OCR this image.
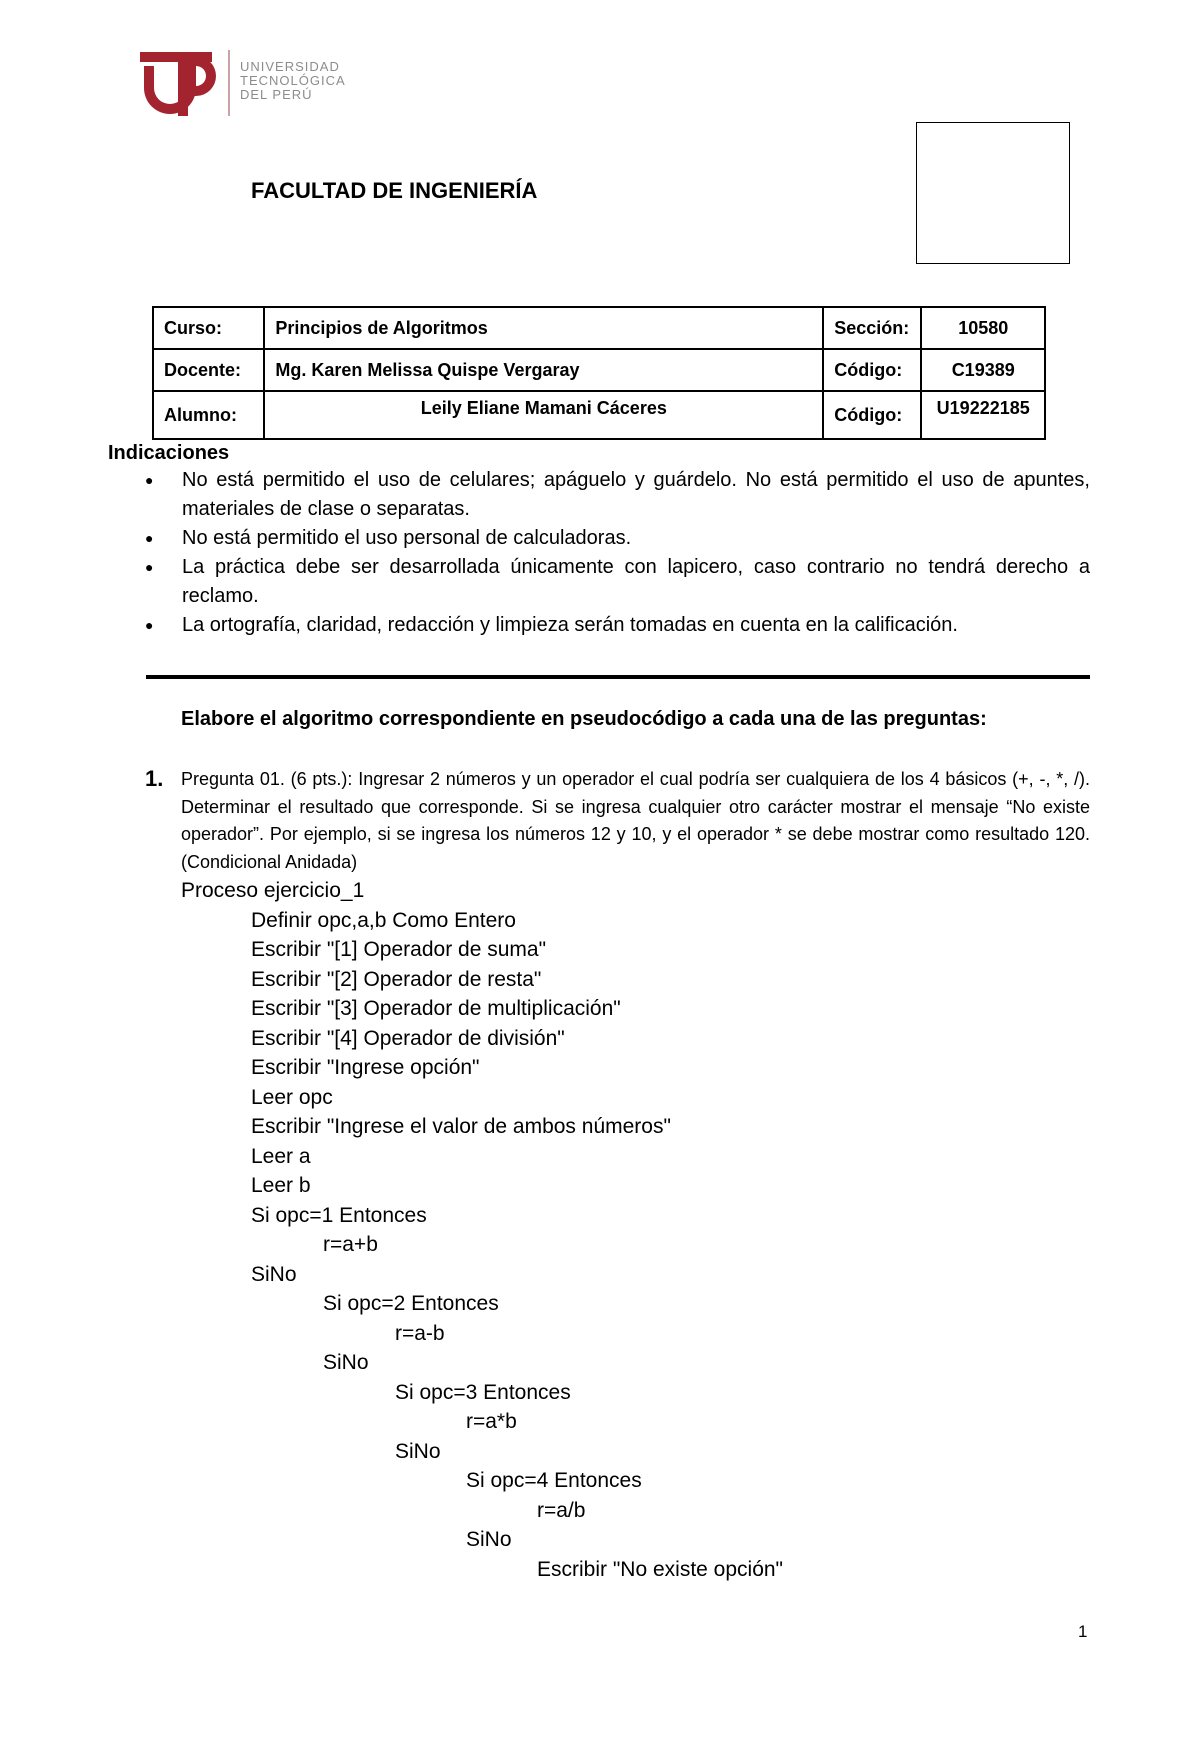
UNIVERSIDAD
TECNOLÓGICA
DEL PERÚ
FACULTAD DE INGENIERÍA
Curso:	Principios de Algoritmos	Sección:	10580
Docente:	Mg. Karen Melissa Quispe Vergaray	Código:	C19389
Alumno:	Leily Eliane Mamani Cáceres	Código:	U19222185
Indicaciones
● No está permitido el uso de celulares; apáguelo y guárdelo. No está permitido el uso de apuntes, materiales de clase o separatas.
● No está permitido el uso personal de calculadoras.
● La práctica debe ser desarrollada únicamente con lapicero, caso contrario no tendrá derecho a reclamo.
● La ortografía, claridad, redacción y limpieza serán tomadas en cuenta en la calificación.
Elabore el algoritmo correspondiente en pseudocódigo a cada una de las preguntas:
1. Pregunta 01. (6 pts.): Ingresar 2 números y un operador el cual podría ser cualquiera de los 4 básicos (+, -, *, /). Determinar el resultado que corresponde. Si se ingresa cualquier otro carácter mostrar el mensaje “No existe operador”. Por ejemplo, si se ingresa los números 12 y 10, y el operador * se debe mostrar como resultado 120.(Condicional Anidada)
Proceso ejercicio_1
Definir opc,a,b Como Entero
Escribir "[1] Operador de suma"
Escribir "[2] Operador de resta"
Escribir "[3] Operador de multiplicación"
Escribir "[4] Operador de división"
Escribir "Ingrese opción"
Leer opc
Escribir "Ingrese el valor de ambos números"
Leer a
Leer b
Si opc=1 Entonces
r=a+b
SiNo
Si opc=2 Entonces
r=a-b
SiNo
Si opc=3 Entonces
r=a*b
SiNo
Si opc=4 Entonces
r=a/b
SiNo
Escribir "No existe opción"
1
